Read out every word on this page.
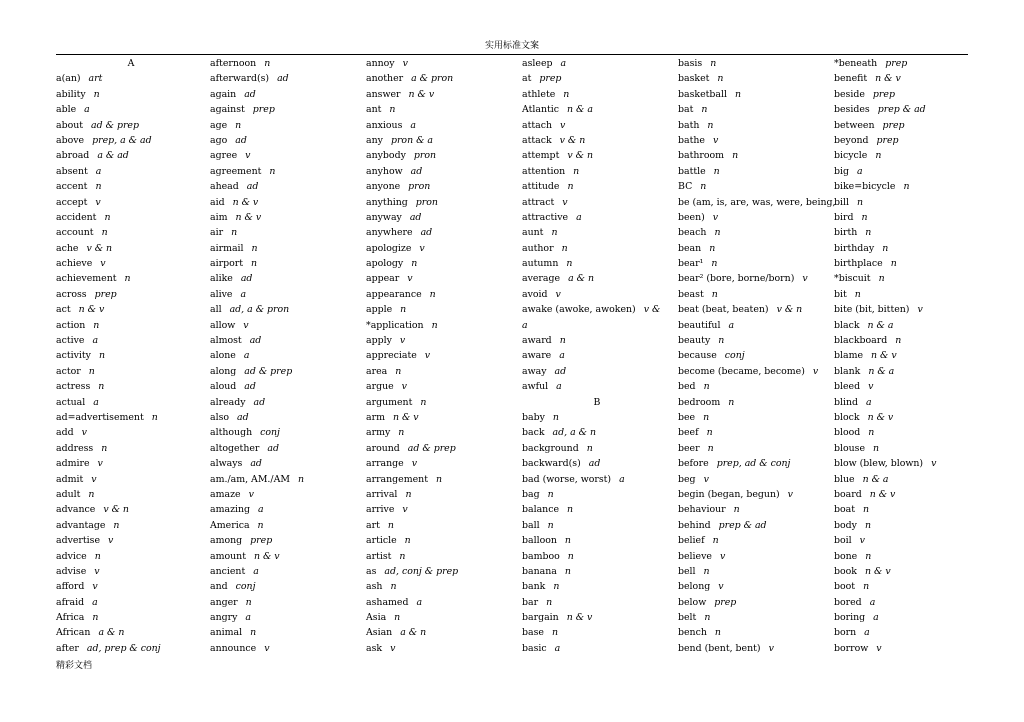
实用标准文案
A
a(an) art
ability n
able a
about ad & prep
above prep, a & ad
abroad a & ad
absent a
accent n
accept v
accident n
account n
ache v & n
achieve v
achievement n
across prep
act n & v
action n
active a
activity n
actor n
actress n
actual a
ad=advertisement n
add v
address n
admire v
admit v
adult n
advance v & n
advantage n
advertise v
advice n
advise v
afford v
afraid a
Africa n
African a & n
after ad, prep & conj
afternoon n
afterward(s) ad
again ad
against prep
age n
ago ad
agree v
agreement n
ahead ad
aid n & v
aim n & v
air n
airmail n
airport n
alike ad
alive a
all ad, a & pron
allow v
almost ad
alone a
along ad & prep
aloud ad
already ad
also ad
although conj
altogether ad
always ad
am./am, AM./AM n
amaze v
amazing a
America n
among prep
amount n & v
ancient a
and conj
anger n
angry a
animal n
announce v
annoy v
another a & pron
answer n & v
ant n
anxious a
any pron & a
anybody pron
anyhow ad
anyone pron
anything pron
anyway ad
anywhere ad
apologize v
apology n
appear v
appearance n
apple n
*application n
apply v
appreciate v
area n
argue v
argument n
arm n & v
army n
around ad & prep
arrange v
arrangement n
arrival n
arrive v
art n
article n
artist n
as ad, conj & prep
ash n
ashamed a
Asia n
Asian a & n
ask v
asleep a
at prep
athlete n
Atlantic n & a
attach v
attack v & n
attempt v & n
attention n
attitude n
attract v
attractive a
aunt n
author n
autumn n
average a & n
avoid v
awake (awoke, awoken) v &
a
award n
aware a
away ad
awful a
B
baby n
back ad, a & n
background n
backward(s) ad
bad (worse, worst) a
bag n
balance n
ball n
balloon n
bamboo n
banana n
bank n
bar n
bargain n & v
base n
basic a
basis n
basket n
basketball n
bat n
bath n
bathe v
bathroom n
battle n
BC n
be (am, is, are, was, were, being,
been) v
beach n
bean n
bear¹ n
bear² (bore, borne/born) v
beast n
beat (beat, beaten) v & n
beautiful a
beauty n
because conj
become (became, become) v
bed n
bedroom n
bee n
beef n
beer n
before prep, ad & conj
beg v
begin (began, begun) v
behaviour n
behind prep & ad
belief n
believe v
bell n
belong v
below prep
belt n
bench n
bend (bent, bent) v
*beneath prep
benefit n & v
beside prep
besides prep & ad
between prep
beyond prep
bicycle n
big a
bike=bicycle n
bill n
bird n
birth n
birthday n
birthplace n
*biscuit n
bit n
bite (bit, bitten) v
black n & a
blackboard n
blame n & v
blank n & a
bleed v
blind a
block n & v
blood n
blouse n
blow (blew, blown) v
blue n & a
board n & v
boat n
body n
boil v
bone n
book n & v
boot n
bored a
boring a
born a
borrow v
精彩文档
